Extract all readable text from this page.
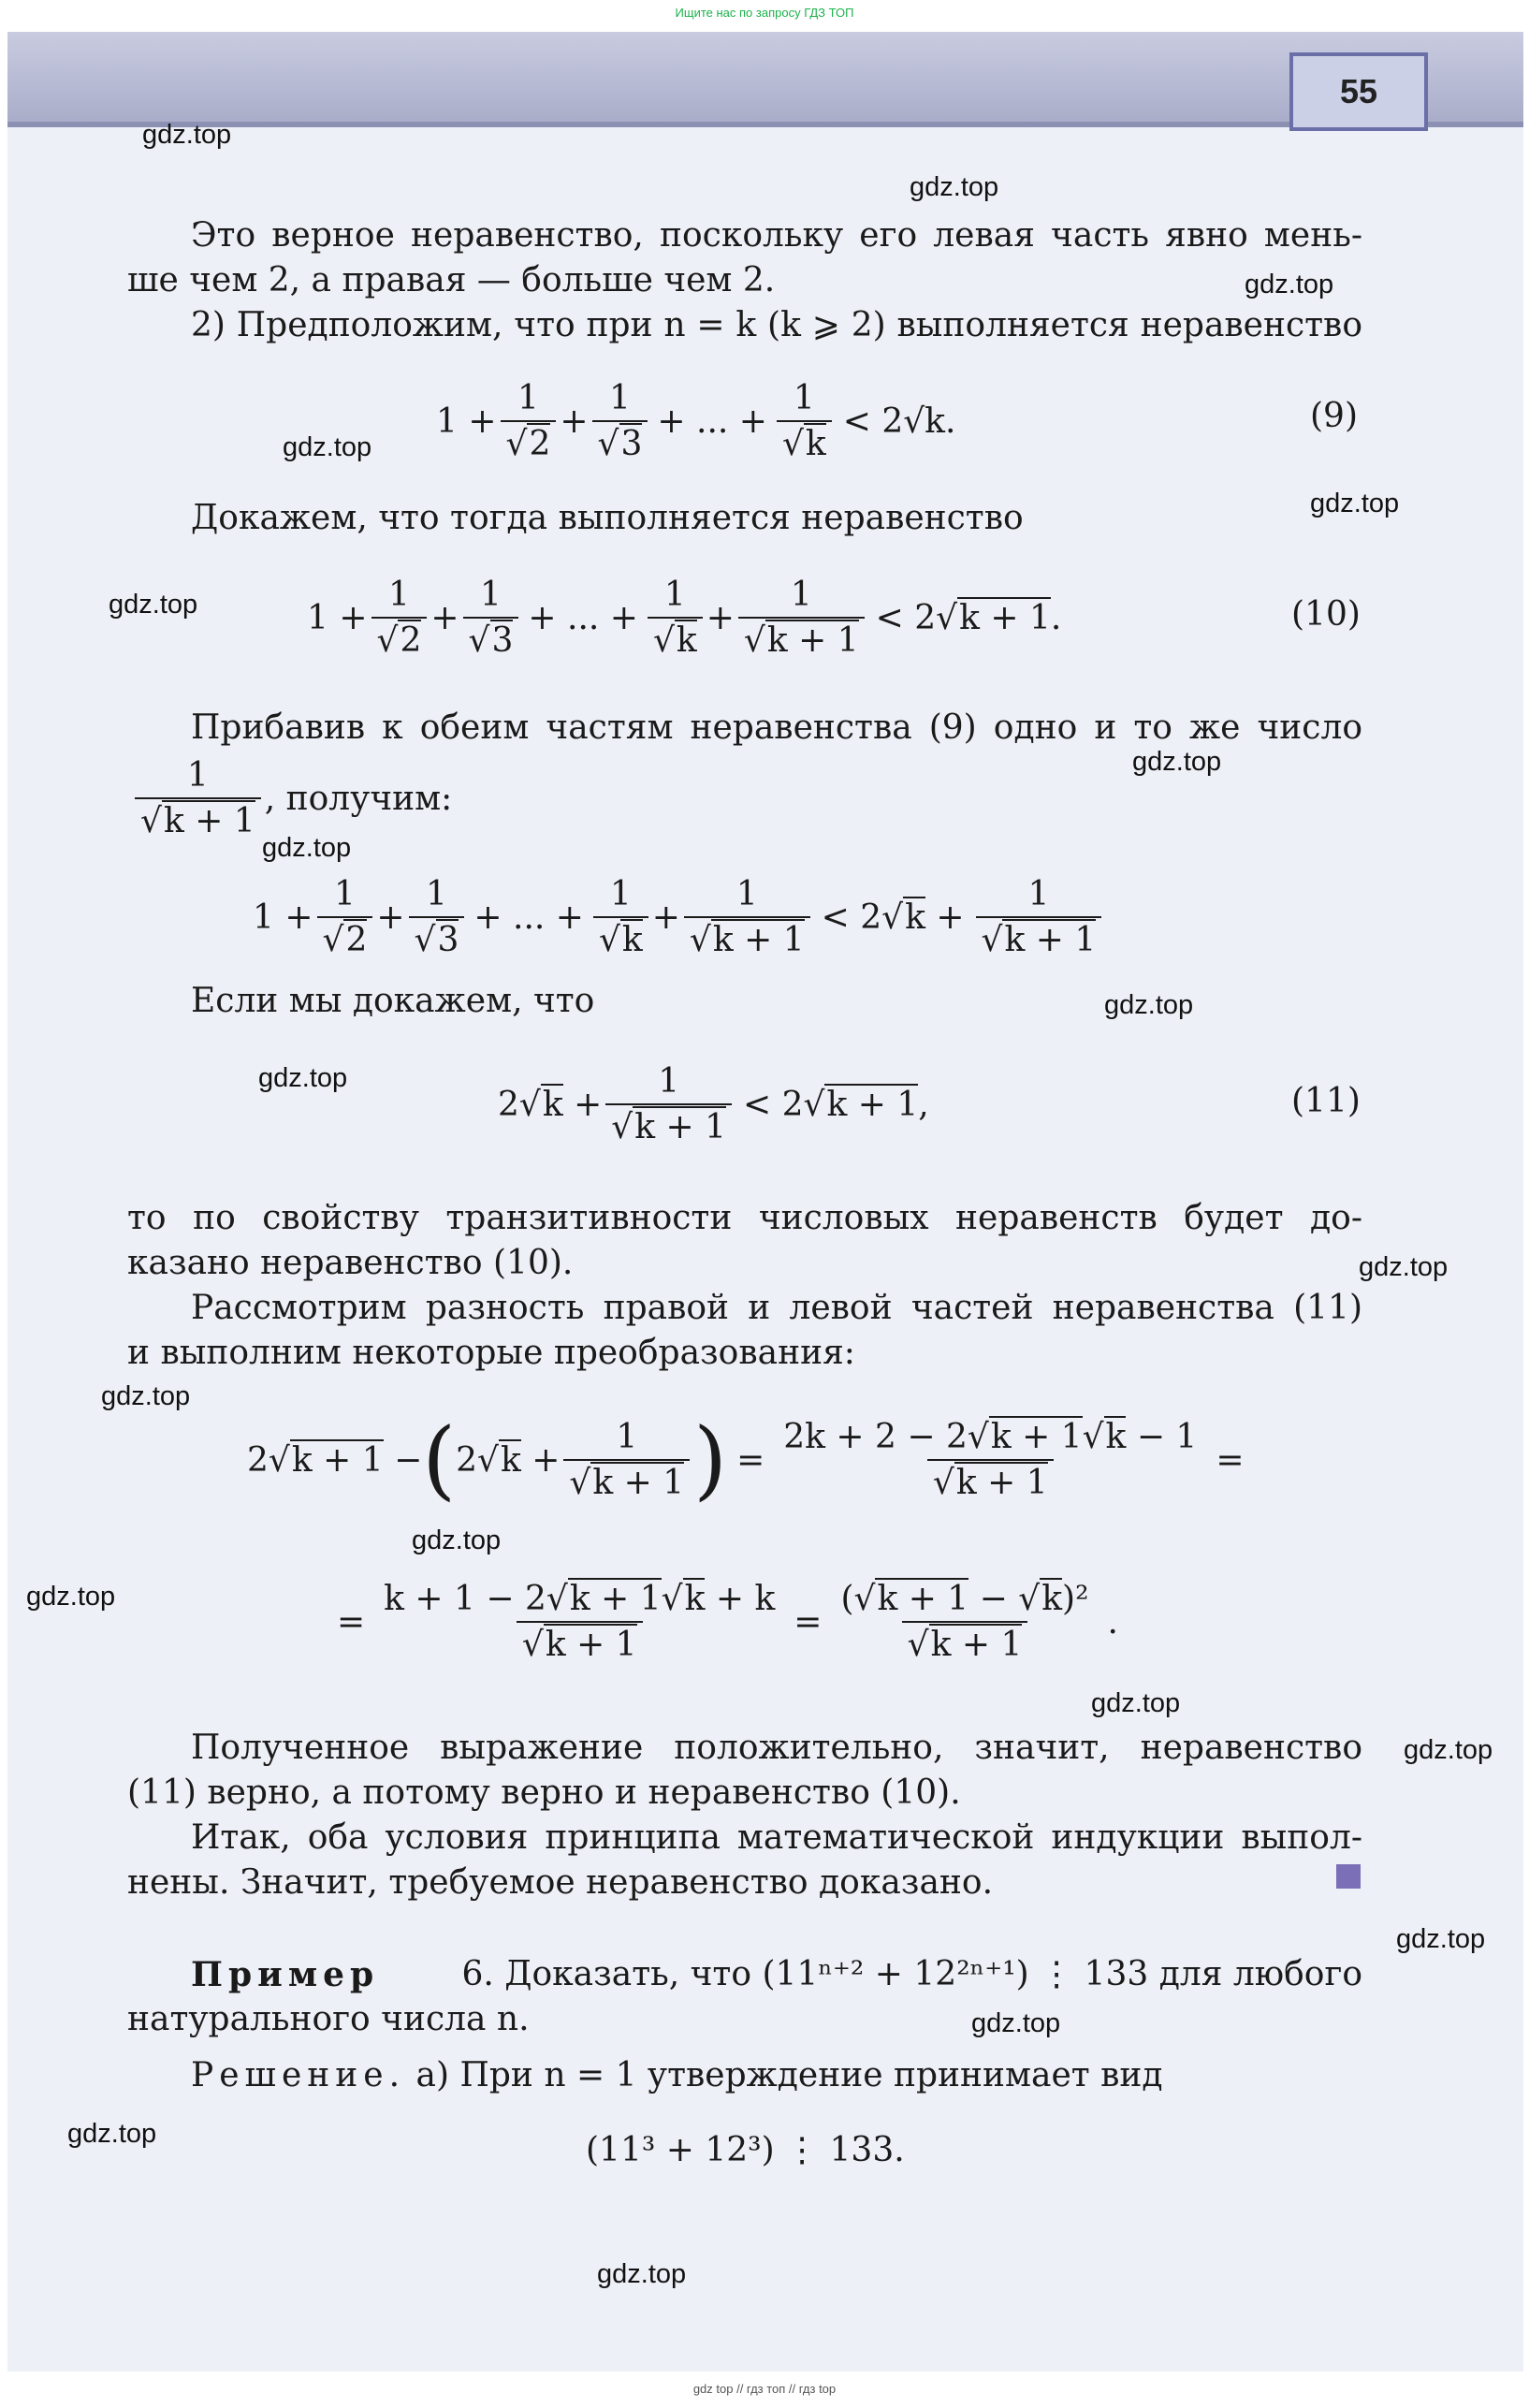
Ищите нас по запросу ГДЗ ТОП
55
gdz.top
gdz.top
gdz.top
gdz.top
gdz.top
gdz.top
gdz.top
gdz.top
gdz.top
gdz.top
gdz.top
gdz.top
gdz.top
gdz.top
gdz.top
gdz.top
gdz.top
gdz.top
gdz.top
gdz.top
Это верное неравенство, поскольку его левая часть явно мень-
ше чем 2, а правая — больше чем 2.
2) Предположим, что при n = k (k ⩾ 2) выполняется неравенство
$1 + \frac{1}{√2} + \frac{1}{√3}$ + ... + $\frac{1}{√k} < 2√k$.	(9)
Докажем, что тогда выполняется неравенство
$1 + \frac{1}{√2} + \frac{1}{√3}$ + ... + $\frac{1}{√k} + \frac{1}{√k + 1} < 2√k + 1$.	(10)
Прибавив к обеим частям неравенства (9) одно и то же число
$\frac{1}{√k + 1}$ , получим:
$1 + \frac{1}{√2} + \frac{1}{√3}$ + ... + $\frac{1}{√k} + \frac{1}{√k + 1} < 2√k + \frac{1}{√k + 1}$
Если мы докажем, что
$2√k + \frac{1}{√k + 1} < 2√k + 1$,	(11)
то по свойству транзитивности числовых неравенств будет до-
казано неравенство (10).
Рассмотрим разность правой и левой частей неравенства (11)
и выполним некоторые преобразования:
2√k + 1 − ( $2√k + \frac{1}{√k + 1}$ ) = $\frac{2k + 2 - 2√k + 1√k - 1}{√k + 1}$ =
= $\frac{k + 1 - 2√k + 1√k + k}{√k + 1} = \frac{\text{(√k + 1 − √k)²}}{√k + 1}$ .
Полученное выражение положительно, значит, неравенство
(11) верно, а потому верно и неравенство (10).
Итак, оба условия принципа математической индукции выпол-
нены. Значит, требуемое неравенство доказано.
Пример 6. Доказать, что (11ⁿ⁺² + 12²ⁿ⁺¹) ⋮ 133 для любого
натурального числа n.
Решение. а) При n = 1 утверждение принимает вид
(11³ + 12³) ⋮ 133.
gdz top // гдз топ // гдз top
